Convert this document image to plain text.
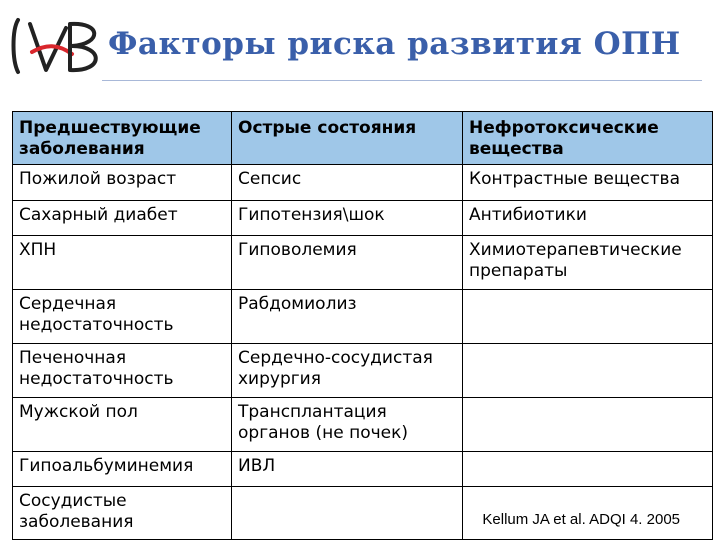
Факторы риска развития ОПН
Предшествующие заболевания	Острые состояния	Нефротоксические вещества
Пожилой возраст	Сепсис	Контрастные вещества
Сахарный диабет	Гипотензия\шок	Антибиотики
ХПН	Гиповолемия	Химиотерапевтические препараты
Сердечная недостаточность	Рабдомиолиз	
Печеночная недостаточность	Сердечно-сосудистая хирургия	
Мужской пол	Трансплантация органов (не почек)	
Гипоальбуминемия	ИВЛ	
Сосудистые заболевания			Kellum JA et al. ADQI 4. 2005
